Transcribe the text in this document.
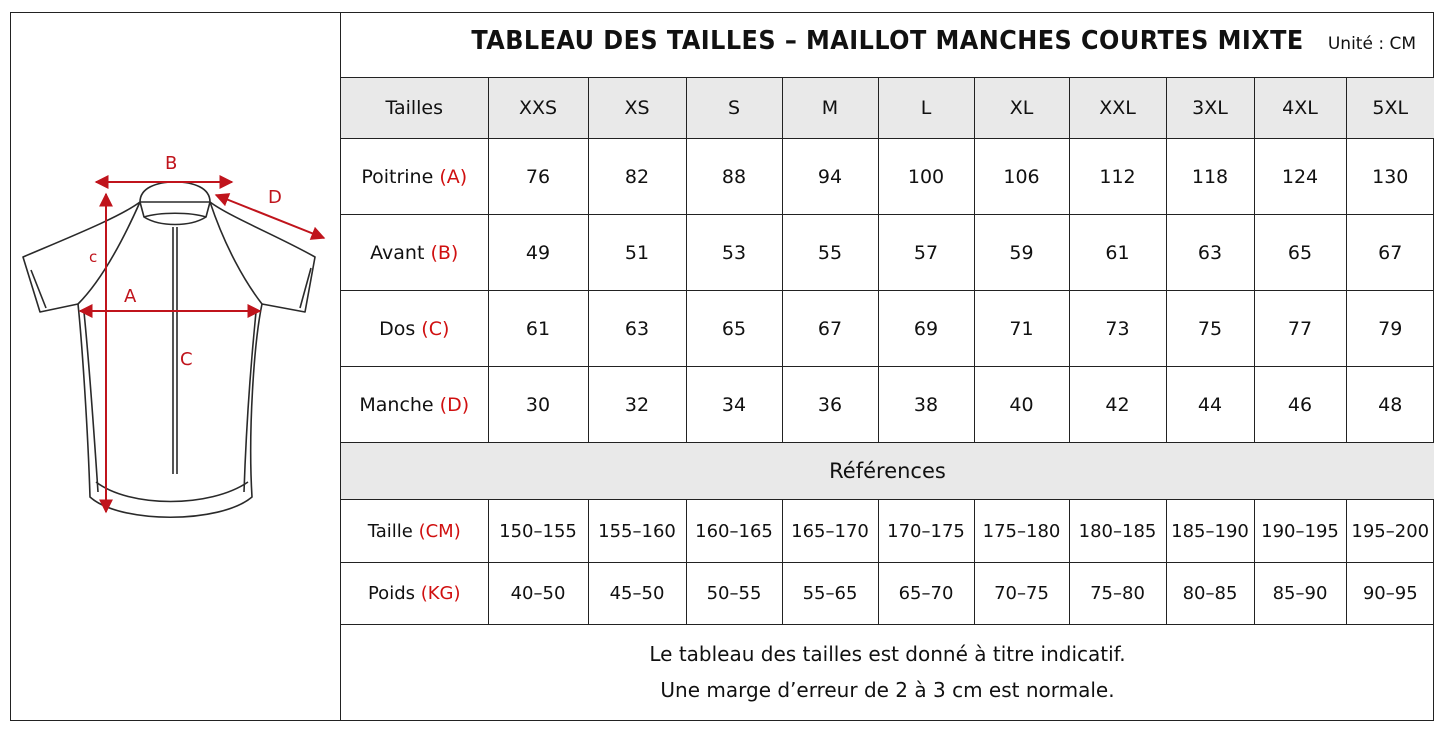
B
D
A
c
C
TABLEAU DES TAILLES – MAILLOT MANCHES COURTES MIXTE	Unité : CM
Tailles	XXS	XS	S	M	L	XL	XXL	3XL	4XL	5XL
Poitrine (A)	76	82	88	94	100	106	112	118	124	130
Avant (B)	49	51	53	55	57	59	61	63	65	67
Dos (C)	61	63	65	67	69	71	73	75	77	79
Manche (D)	30	32	34	36	38	40	42	44	46	48
Références										
Taille (CM)	150–155	155–160	160–165	165–170	170–175	175–180	180–185	185–190	190–195	195–200
Poids (KG)	40–50	45–50	50–55	55–65	65–70	70–75	75–80	80–85	85–90	90–95
Le tableau des tailles est donné à titre indicatif.
Une marge d’erreur de 2 à 3 cm est normale.
